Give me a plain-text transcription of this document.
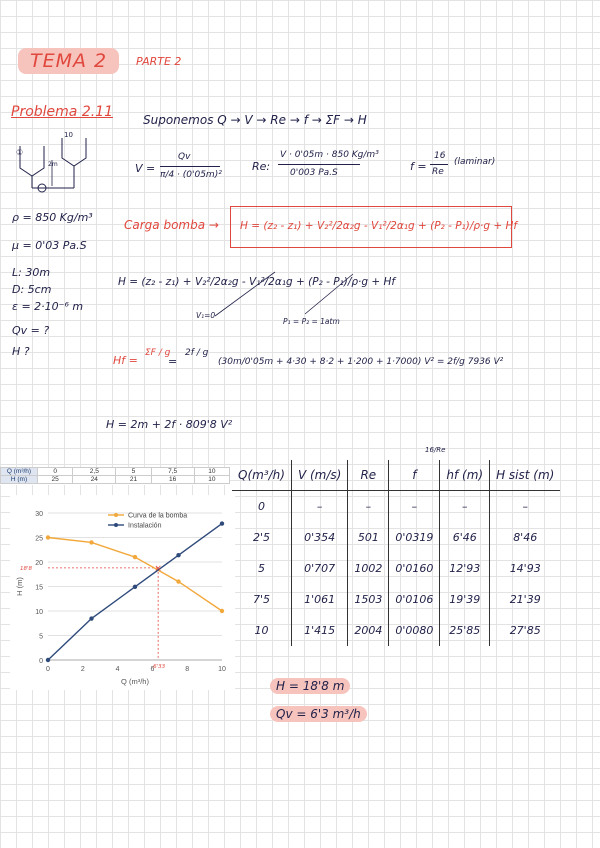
TEMA 2	PARTE 2
Problema 2.11	Suponemos Q → V → Re → f → ΣF → H
①
10
2m	V =
Qv
π/4 · (0'05m)²
Re:
V · 0'05m · 850 Kg/m³
0'003 Pa.S	f =
16
Re
(laminar)
ρ = 850 Kg/m³
μ = 0'03 Pa.S
L: 30m
D: 5cm
ε = 2·10⁻⁶ m
Qv = ?
H ?
Carga bomba → H = (z₂ - z₁) + V₂²/2α₂g - V₁²/2α₁g + (P₂ - P₁)/ρ·g + Hf
H = (z₂ - z₁) + V₂²/2α₂g - V₁²/2α₁g + (P₂ - P₁)/ρ·g + Hf
V₁=0
P₁ = P₂ = 1atm
Hf =
ΣF / g
=
2f / g
(30m/0'05m + 4·30 + 8·2 + 1·200 + 1·7000) V² = 2f/g 7936 V²
H = 2m + 2f · 809'8 V²
16/Re
Q(m³/h)	V (m/s)	Re	f	hf (m)	H sist (m)
0	–	–	–	–	–
2'5	0'354	501	0'0319	6'46	8'46
5	0'707	1002	0'0160	12'93	14'93
7'5	1'061	1503	0'0106	19'39	21'39
10	1'415	2004	0'0080	25'85	27'85
Q (m³/h)	0	2,5	5	7,5	10
H (m)	25	24	21	16	10
0
5
10
15
20
25
30
0	2	4	6	8	10
Q (m³/h)
H (m)
6'33
18'8
Curva de la bomba
Instalación
×
H = 18'8 m
Qv = 6'3 m³/h
